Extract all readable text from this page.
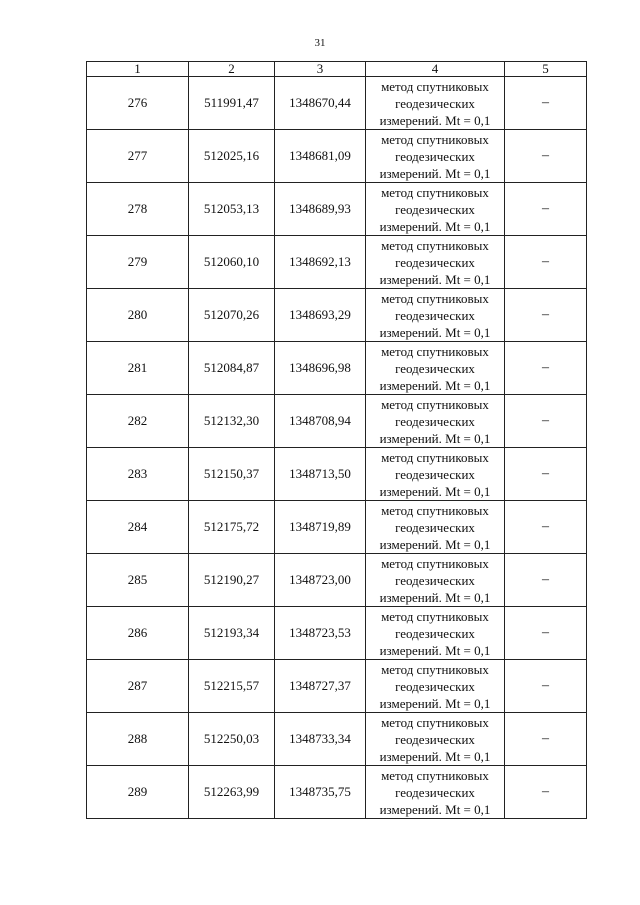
31
1	2	3	4	5
276	511991,47	1348670,44	метод спутниковых
геодезических
измерений. Mt = 0,1	–
277	512025,16	1348681,09	метод спутниковых
геодезических
измерений. Mt = 0,1	–
278	512053,13	1348689,93	метод спутниковых
геодезических
измерений. Mt = 0,1	–
279	512060,10	1348692,13	метод спутниковых
геодезических
измерений. Mt = 0,1	–
280	512070,26	1348693,29	метод спутниковых
геодезических
измерений. Mt = 0,1	–
281	512084,87	1348696,98	метод спутниковых
геодезических
измерений. Mt = 0,1	–
282	512132,30	1348708,94	метод спутниковых
геодезических
измерений. Mt = 0,1	–
283	512150,37	1348713,50	метод спутниковых
геодезических
измерений. Mt = 0,1	–
284	512175,72	1348719,89	метод спутниковых
геодезических
измерений. Mt = 0,1	–
285	512190,27	1348723,00	метод спутниковых
геодезических
измерений. Mt = 0,1	–
286	512193,34	1348723,53	метод спутниковых
геодезических
измерений. Mt = 0,1	–
287	512215,57	1348727,37	метод спутниковых
геодезических
измерений. Mt = 0,1	–
288	512250,03	1348733,34	метод спутниковых
геодезических
измерений. Mt = 0,1	–
289	512263,99	1348735,75	метод спутниковых
геодезических
измерений. Mt = 0,1	–
